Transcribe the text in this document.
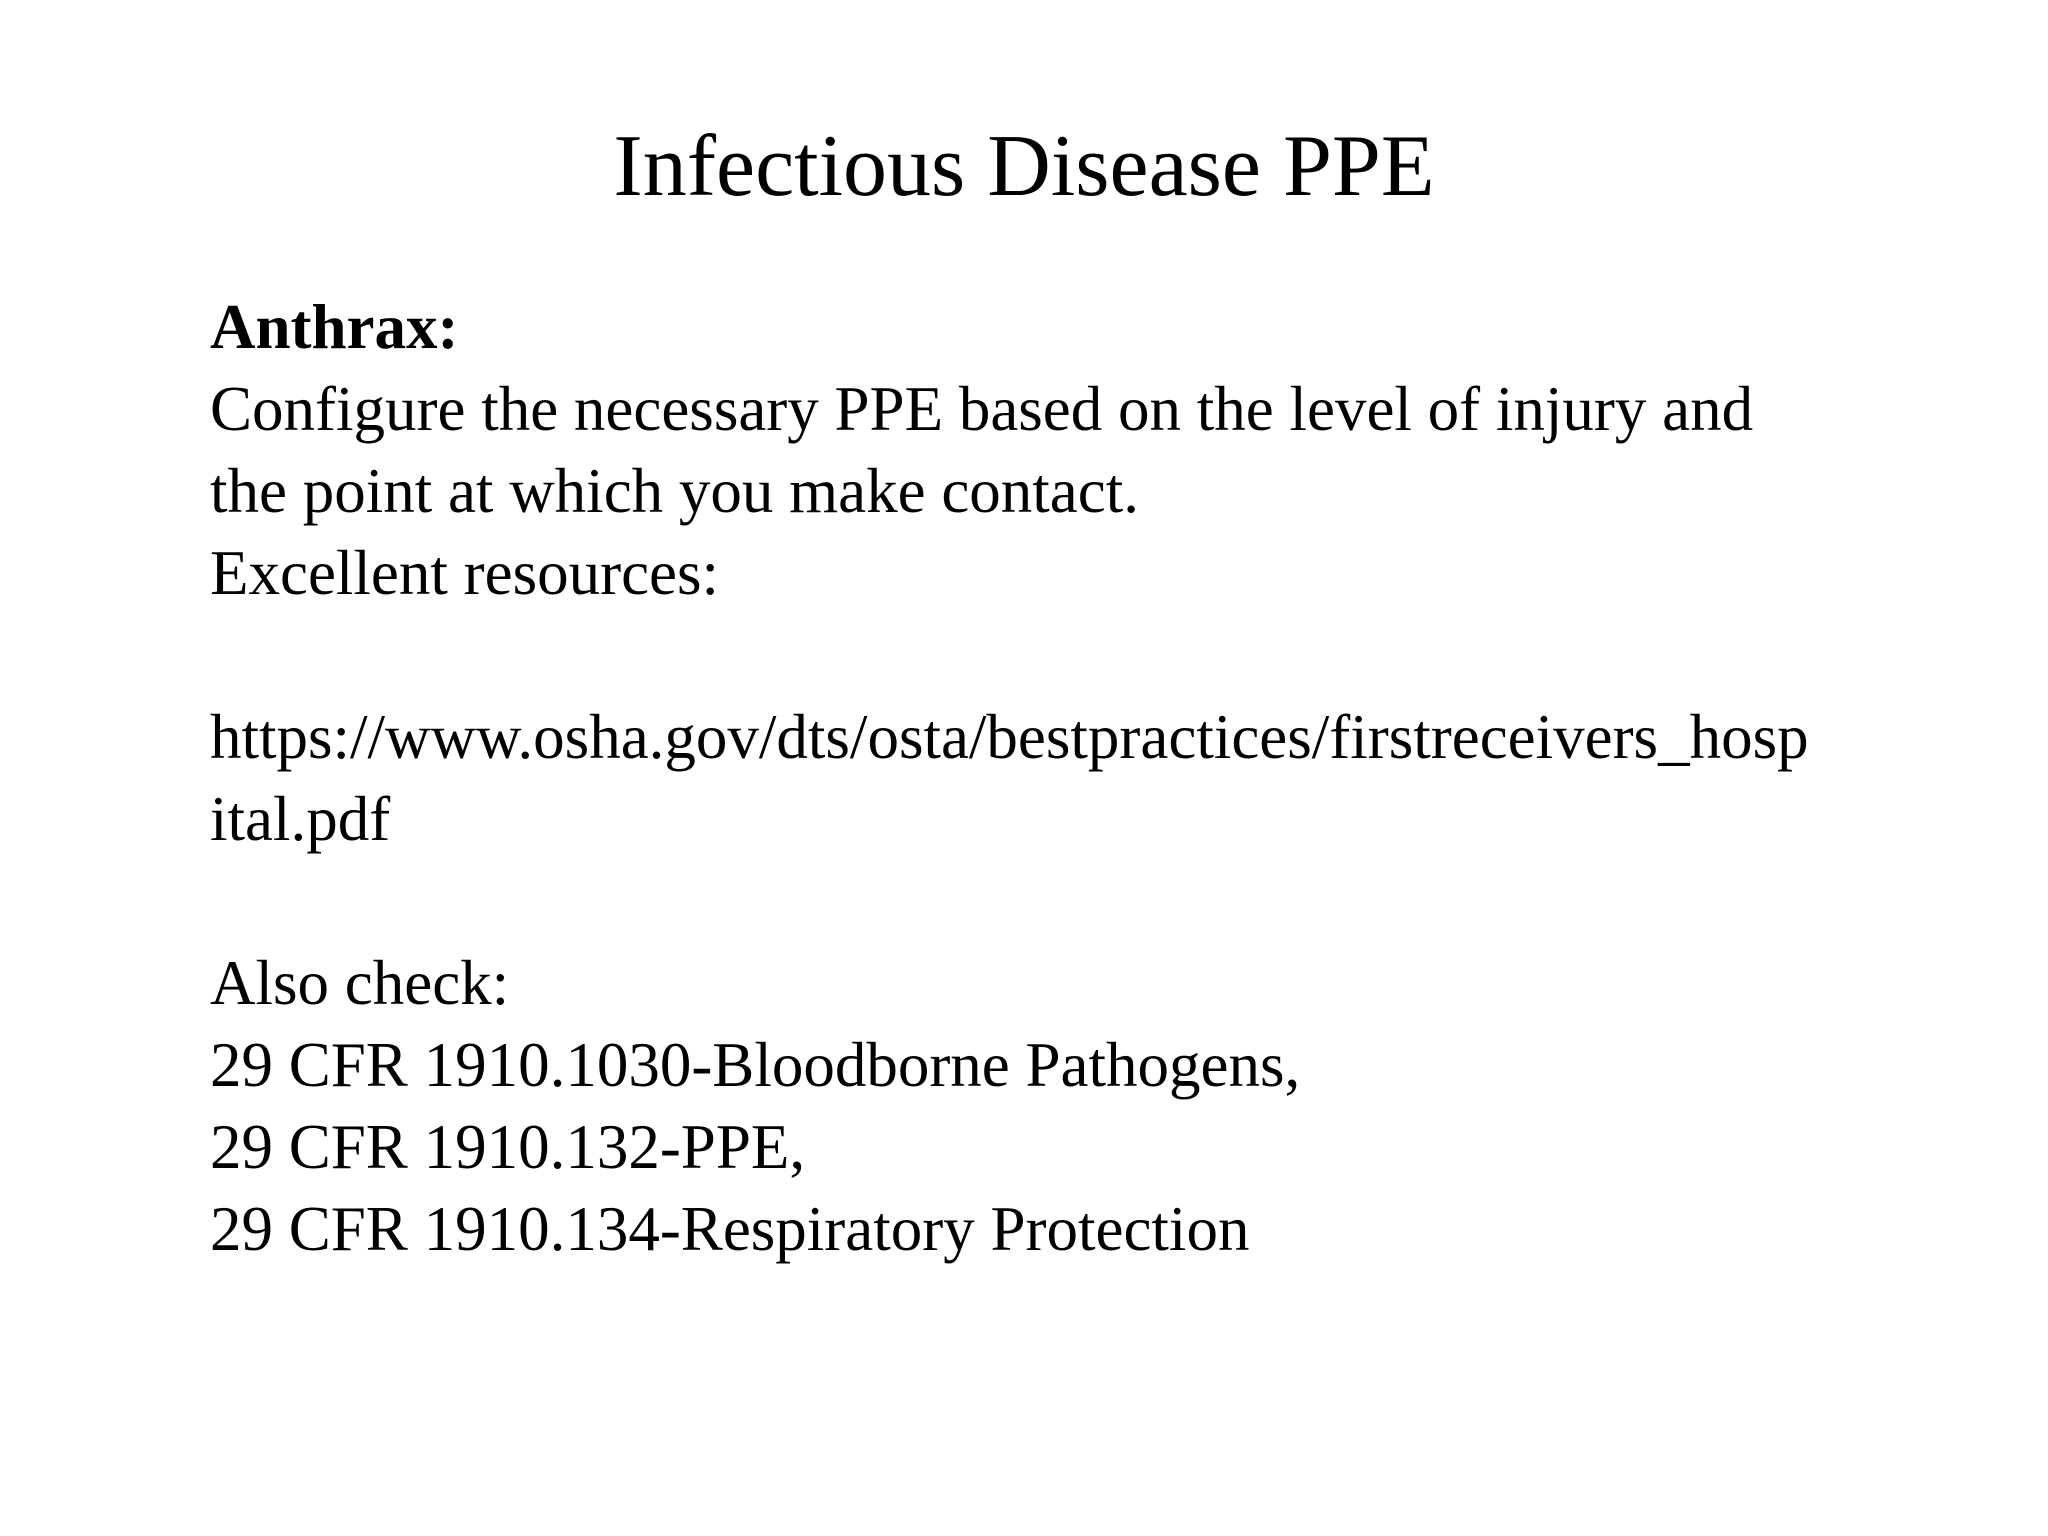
Infectious Disease PPE
Anthrax:
Configure the necessary PPE based on the level of injury and
the point at which you make contact.
Excellent resources:
https://www.osha.gov/dts/osta/bestpractices/firstreceivers_hosp
ital.pdf
Also check:
29 CFR 1910.1030-Bloodborne Pathogens,
29 CFR 1910.132-PPE,
29 CFR 1910.134-Respiratory Protection
